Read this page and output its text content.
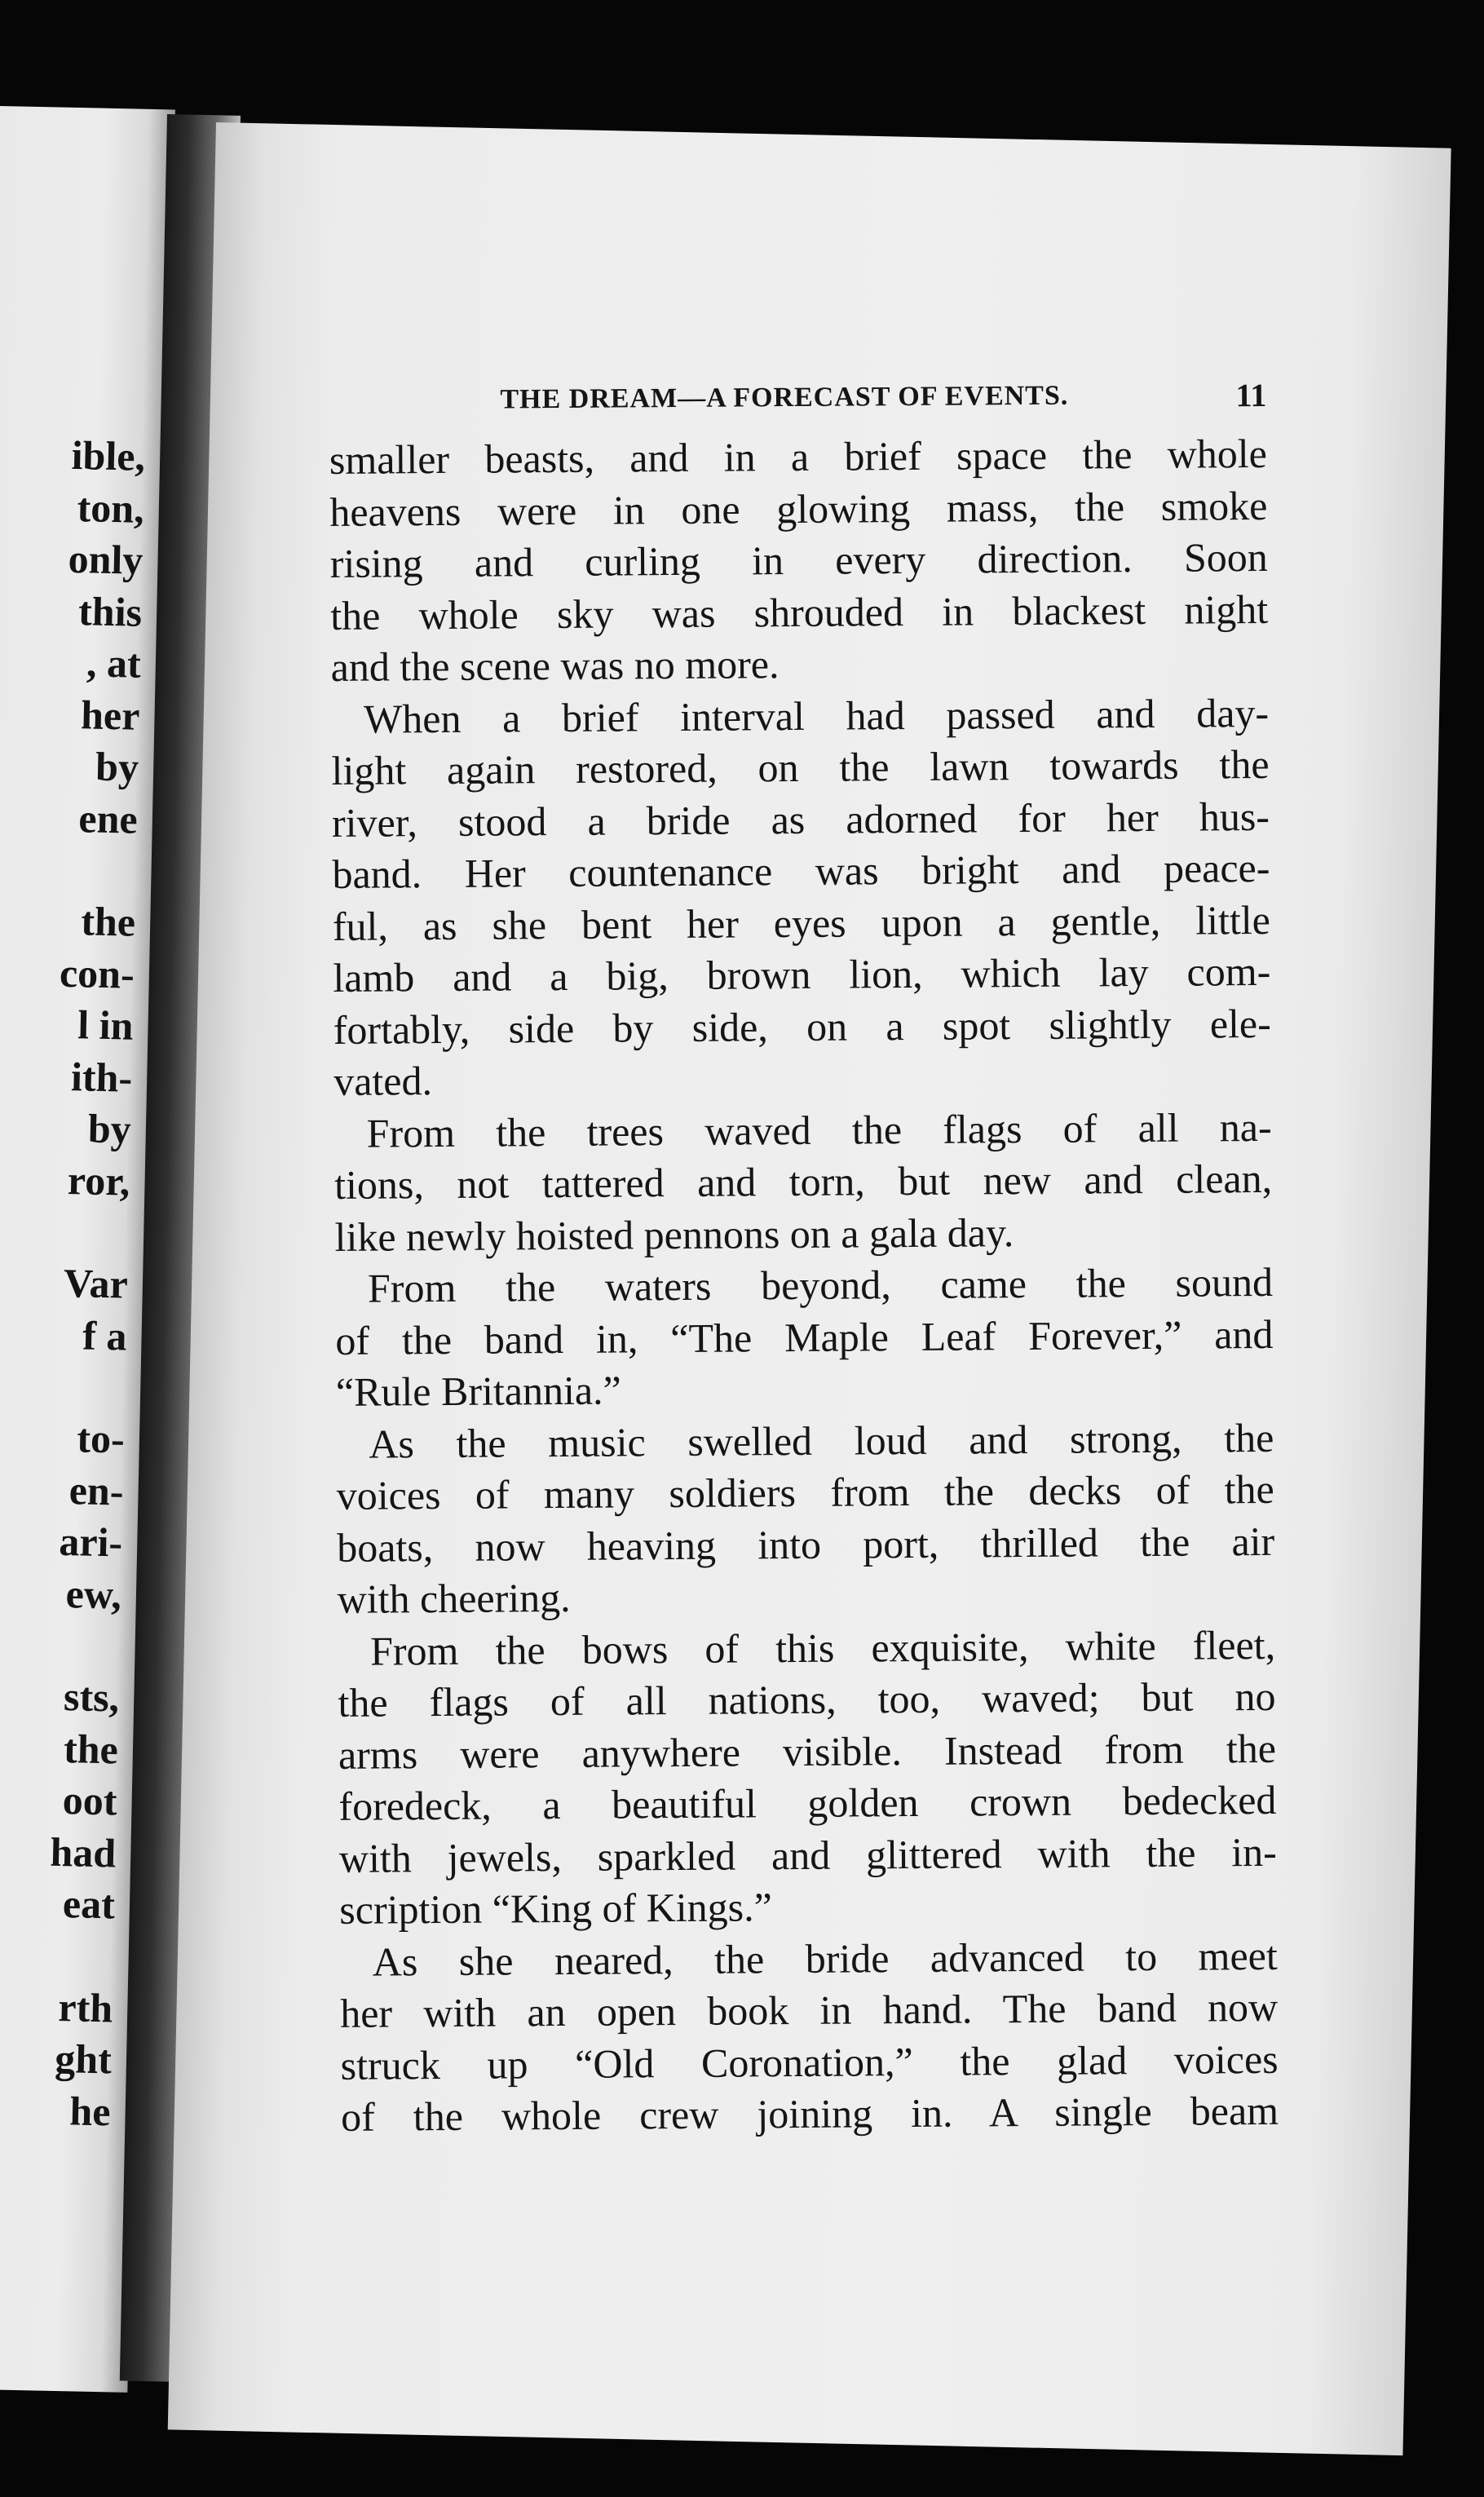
ible,
ton,
only
this
, at
her
by
ene
the
con-
l in
ith-
by
ror,
Var
f a
to-
en-
ari-
ew,
sts,
the
oot
had
eat
rth
ght
he
THE DREAM—A FORECAST OF EVENTS.	11
smaller beasts, and in a brief space the whole
heavens were in one glowing mass, the smoke
rising and curling in every direction. Soon
the whole sky was shrouded in blackest night
and the scene was no more.
When a brief interval had passed and day-
light again restored, on the lawn towards the
river, stood a bride as adorned for her hus-
band. Her countenance was bright and peace-
ful, as she bent her eyes upon a gentle, little
lamb and a big, brown lion, which lay com-
fortably, side by side, on a spot slightly ele-
vated.
From the trees waved the flags of all na-
tions, not tattered and torn, but new and clean,
like newly hoisted pennons on a gala day.
From the waters beyond, came the sound
of the band in, “The Maple Leaf Forever,” and
“Rule Britannia.”
As the music swelled loud and strong, the
voices of many soldiers from the decks of the
boats, now heaving into port, thrilled the air
with cheering.
From the bows of this exquisite, white fleet,
the flags of all nations, too, waved; but no
arms were anywhere visible. Instead from the
foredeck, a beautiful golden crown bedecked
with jewels, sparkled and glittered with the in-
scription “King of Kings.”
As she neared, the bride advanced to meet
her with an open book in hand. The band now
struck up “Old Coronation,” the glad voices
of the whole crew joining in. A single beam
